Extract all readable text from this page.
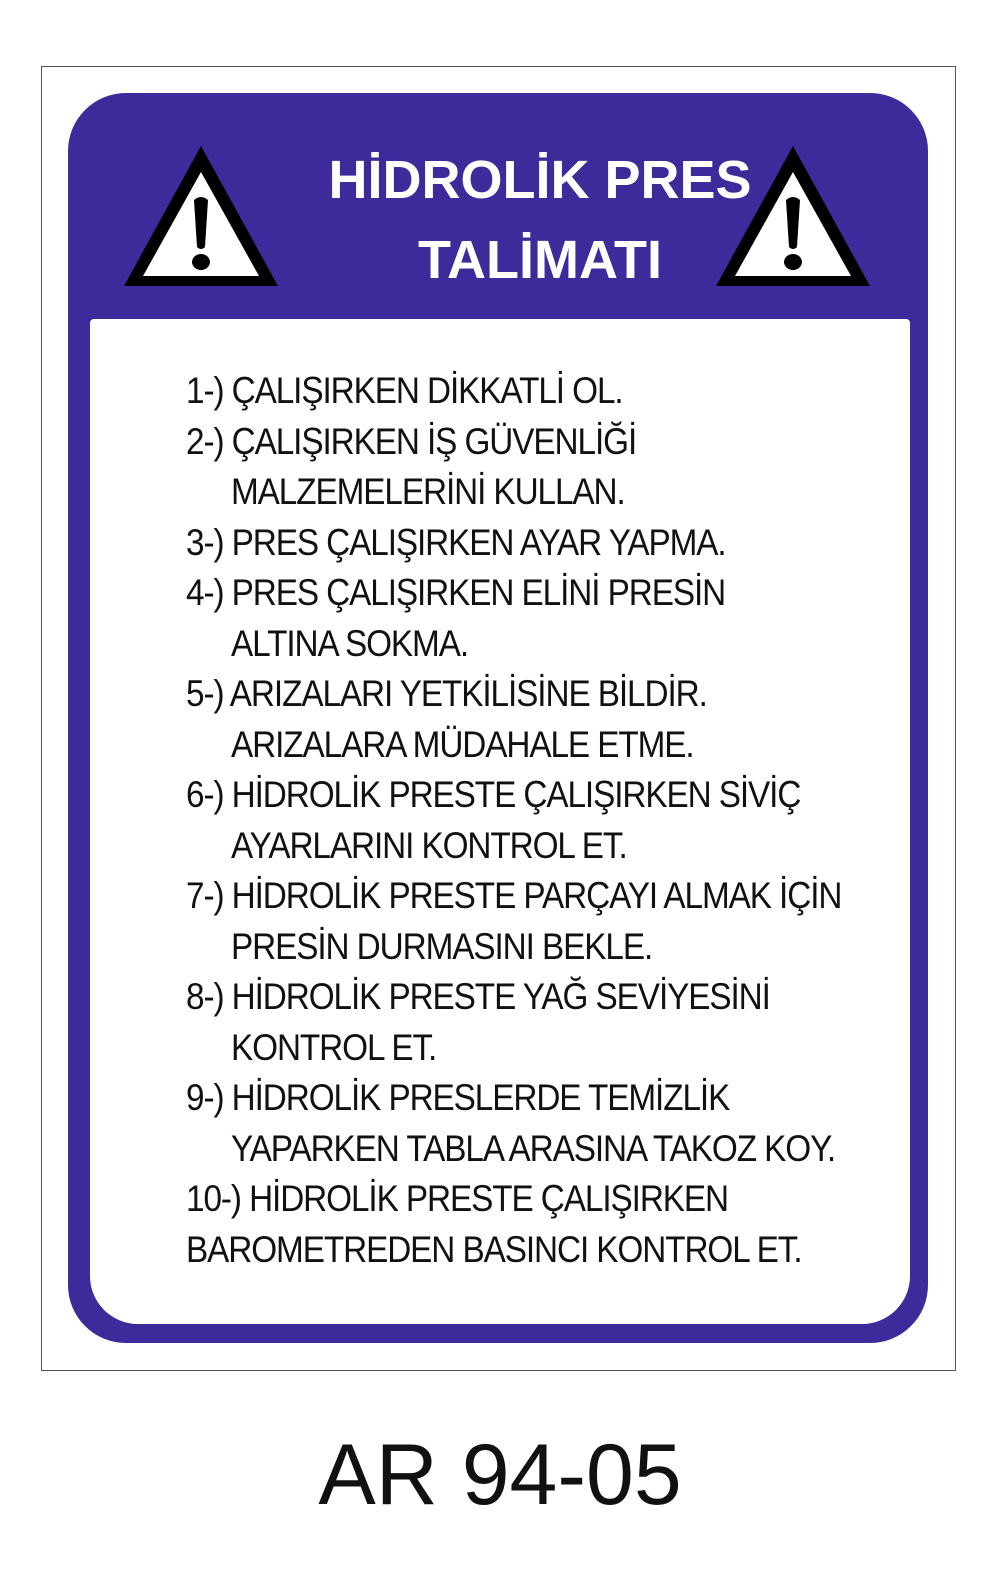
HİDROLİK PRES
TALİMATI
1-) ÇALIŞIRKEN DİKKATLİ OL.
2-) ÇALIŞIRKEN İŞ GÜVENLİĞİ
MALZEMELERİNİ KULLAN.
3-) PRES ÇALIŞIRKEN AYAR YAPMA.
4-) PRES ÇALIŞIRKEN ELİNİ PRESİN
ALTINA SOKMA.
5-) ARIZALARI YETKİLİSİNE BİLDİR.
ARIZALARA MÜDAHALE ETME.
6-) HİDROLİK PRESTE ÇALIŞIRKEN SİVİÇ
AYARLARINI KONTROL ET.
7-) HİDROLİK PRESTE PARÇAYI ALMAK İÇİN
PRESİN DURMASINI BEKLE.
8-) HİDROLİK PRESTE YAĞ SEVİYESİNİ
KONTROL ET.
9-) HİDROLİK PRESLERDE TEMİZLİK
YAPARKEN TABLA ARASINA TAKOZ KOY.
10-) HİDROLİK PRESTE ÇALIŞIRKEN
BAROMETREDEN BASINCI KONTROL ET.
AR 94-05
